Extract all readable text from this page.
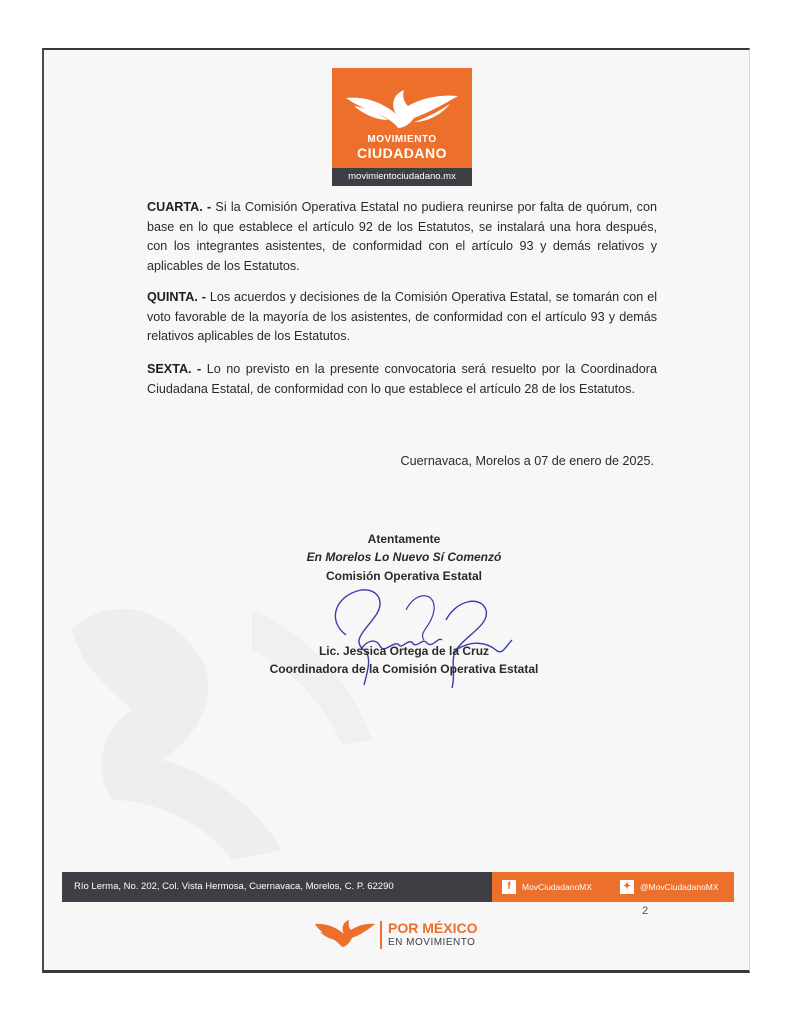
MOVIMIENTO
CIUDADANO
movimientociudadano.mx

CUARTA. - Si la Comisión Operativa Estatal no pudiera reunirse por falta de quórum, con base en lo que establece el artículo 92 de los Estatutos, se instalará una hora después, con los integrantes asistentes, de conformidad con el artículo 93 y demás relativos y aplicables de los Estatutos.

QUINTA. - Los acuerdos y decisiones de la Comisión Operativa Estatal, se tomarán con el voto favorable de la mayoría de los asistentes, de conformidad con el artículo 93 y demás relativos aplicables de los Estatutos.

SEXTA. - Lo no previsto en la presente convocatoria será resuelto por la Coordinadora Ciudadana Estatal, de conformidad con lo que establece el artículo 28 de los Estatutos.

Cuernavaca, Morelos a 07 de enero de 2025.
Atentamente
En Morelos Lo Nuevo Sí Comenzó
Comisión Operativa Estatal
Lic. Jessica Ortega de la Cruz
Coordinadora de la Comisión Operativa Estatal
Río Lerma, No. 202, Col. Vista Hermosa, Cuernavaca, Morelos, C. P. 62290	f	MovCiudadanoMX	✦	@MovCiudadanoMX
2
POR MÉXICO
EN MOVIMIENTO
